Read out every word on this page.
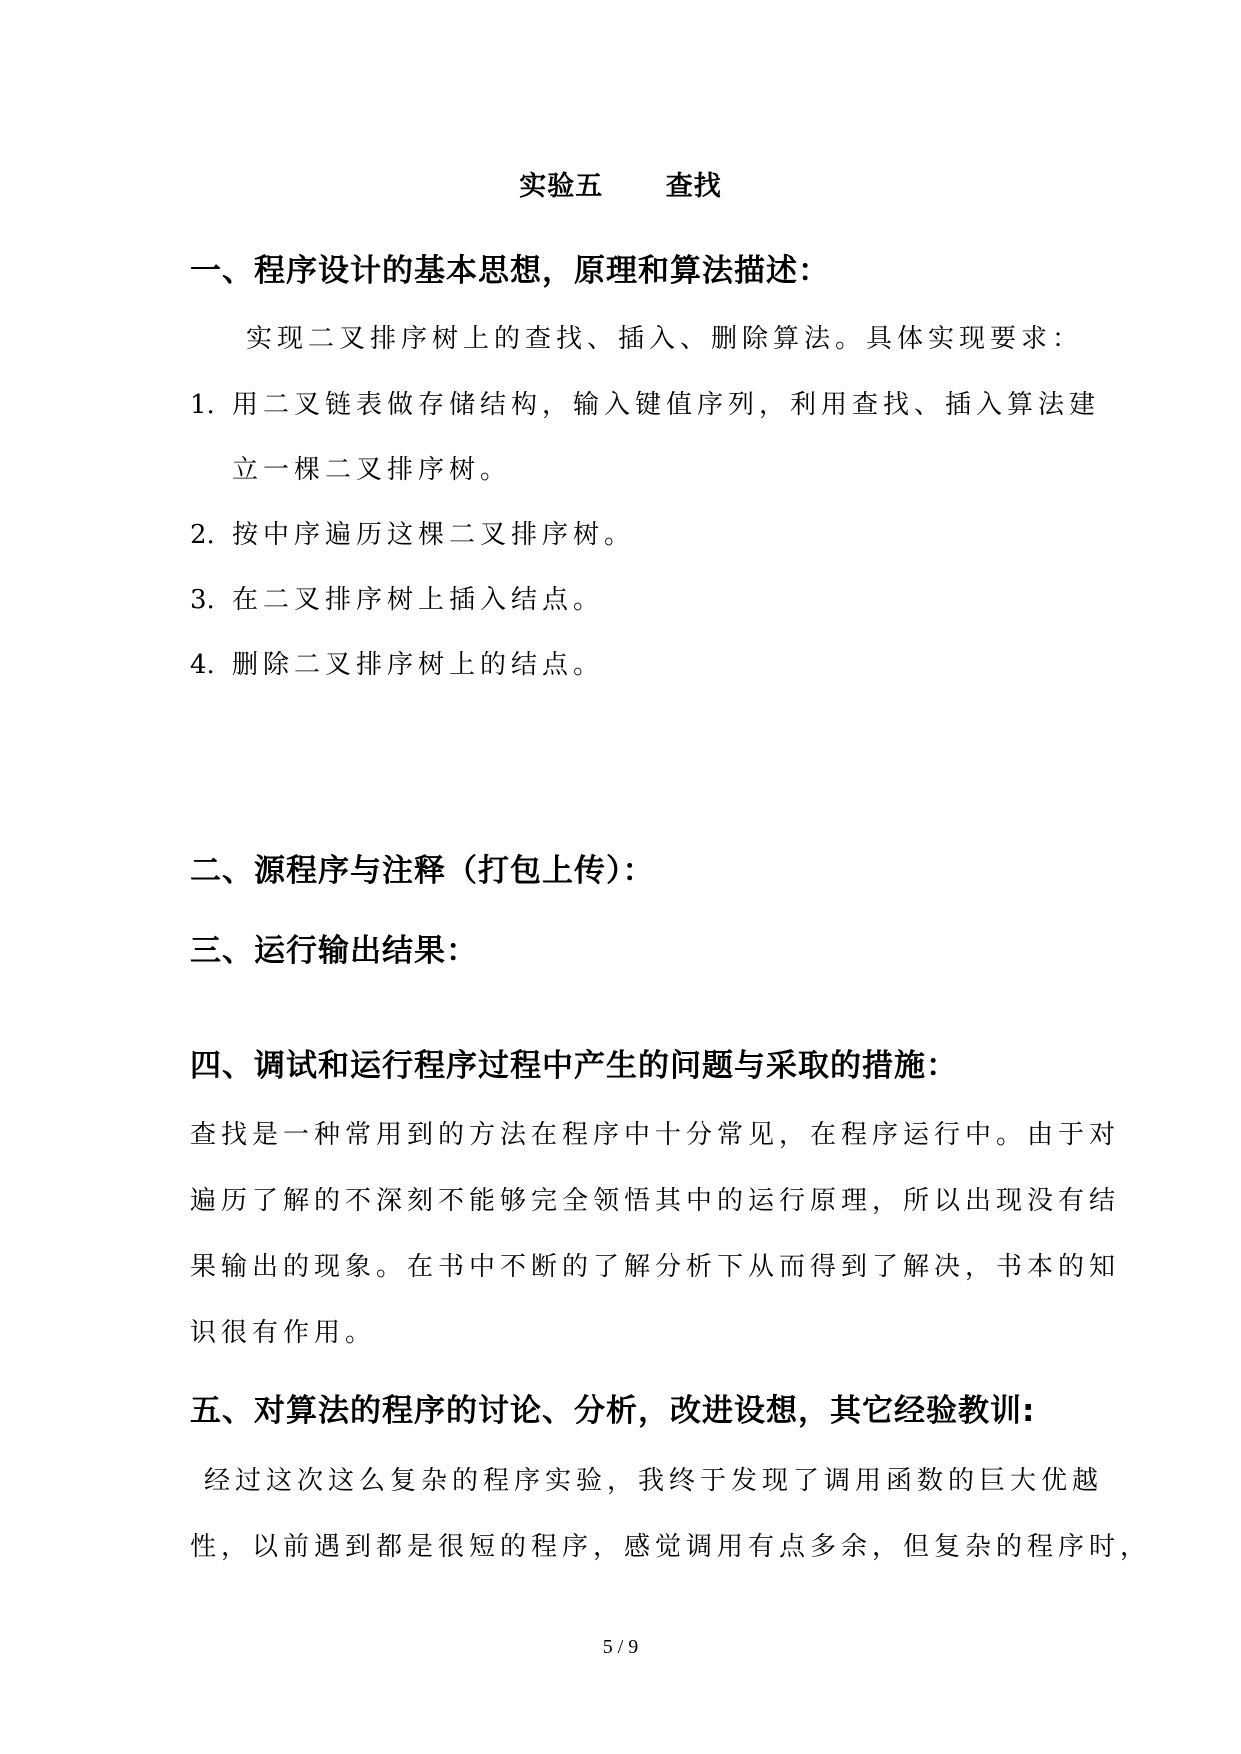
实验五      查找
一、程序设计的基本思想，原理和算法描述：
实现二叉排序树上的查找、插入、删除算法。具体实现要求：
1. 用二叉链表做存储结构，输入键值序列，利用查找、插入算法建
立一棵二叉排序树。
2. 按中序遍历这棵二叉排序树。
3. 在二叉排序树上插入结点。
4. 删除二叉排序树上的结点。
二、源程序与注释（打包上传）：
三、运行输出结果：
四、调试和运行程序过程中产生的问题与采取的措施：
查找是一种常用到的方法在程序中十分常见，在程序运行中。由于对
遍历了解的不深刻不能够完全领悟其中的运行原理，所以出现没有结
果输出的现象。在书中不断的了解分析下从而得到了解决，书本的知
识很有作用。
五、对算法的程序的讨论、分析，改进设想，其它经验教训:
经过这次这么复杂的程序实验，我终于发现了调用函数的巨大优越
性，以前遇到都是很短的程序，感觉调用有点多余，但复杂的程序时，
5 / 9
